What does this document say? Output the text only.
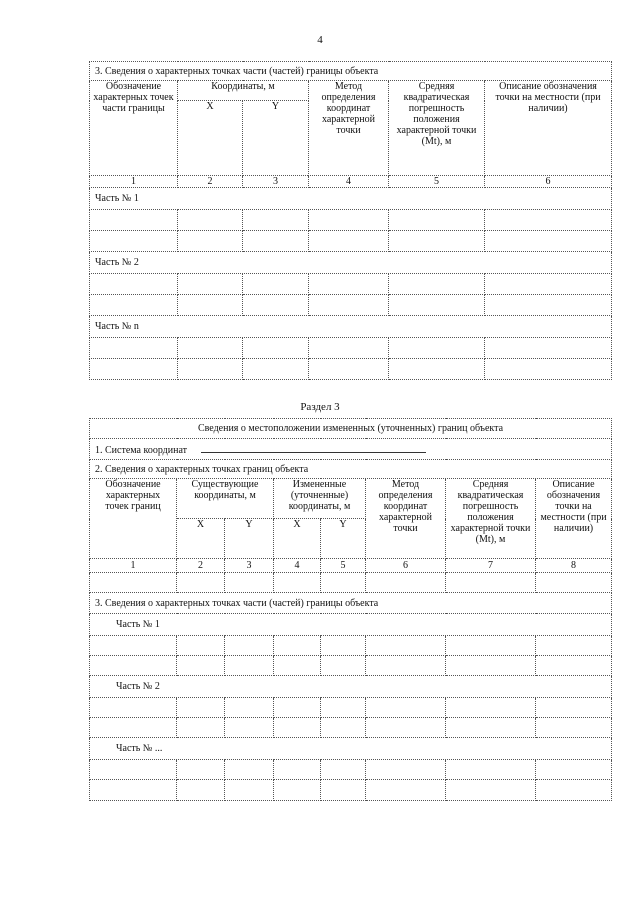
4
3. Сведения о характерных точках части (частей) границы объекта					
Обозначение характерных точек части границы	Координаты, м		Метод определения координат характерной точки	Средняя квадратическая погрешность положения характерной точки (Mt), м	Описание обозначения точки на местности (при наличии)
	X	Y			
1	2	3	4	5	6
Часть № 1					

Часть № 2					

Часть № n					

Раздел 3
Сведения о местоположении измененных (уточненных) границ объекта							
1. Система координат							
2. Сведения о характерных точках границ объекта							
Обозначение характерных точек границ	Существующие координаты, м		Измененные (уточненные) координаты, м		Метод определения координат характерной точки	Средняя квадратическая погрешность положения характерной точки (Mt), м	Описание обозначения точки на местности (при наличии)
	X	Y	X	Y			
1	2	3	4	5	6	7	8

3. Сведения о характерных точках части (частей) границы объекта							
Часть № 1							

Часть № 2							

Часть № ...							
